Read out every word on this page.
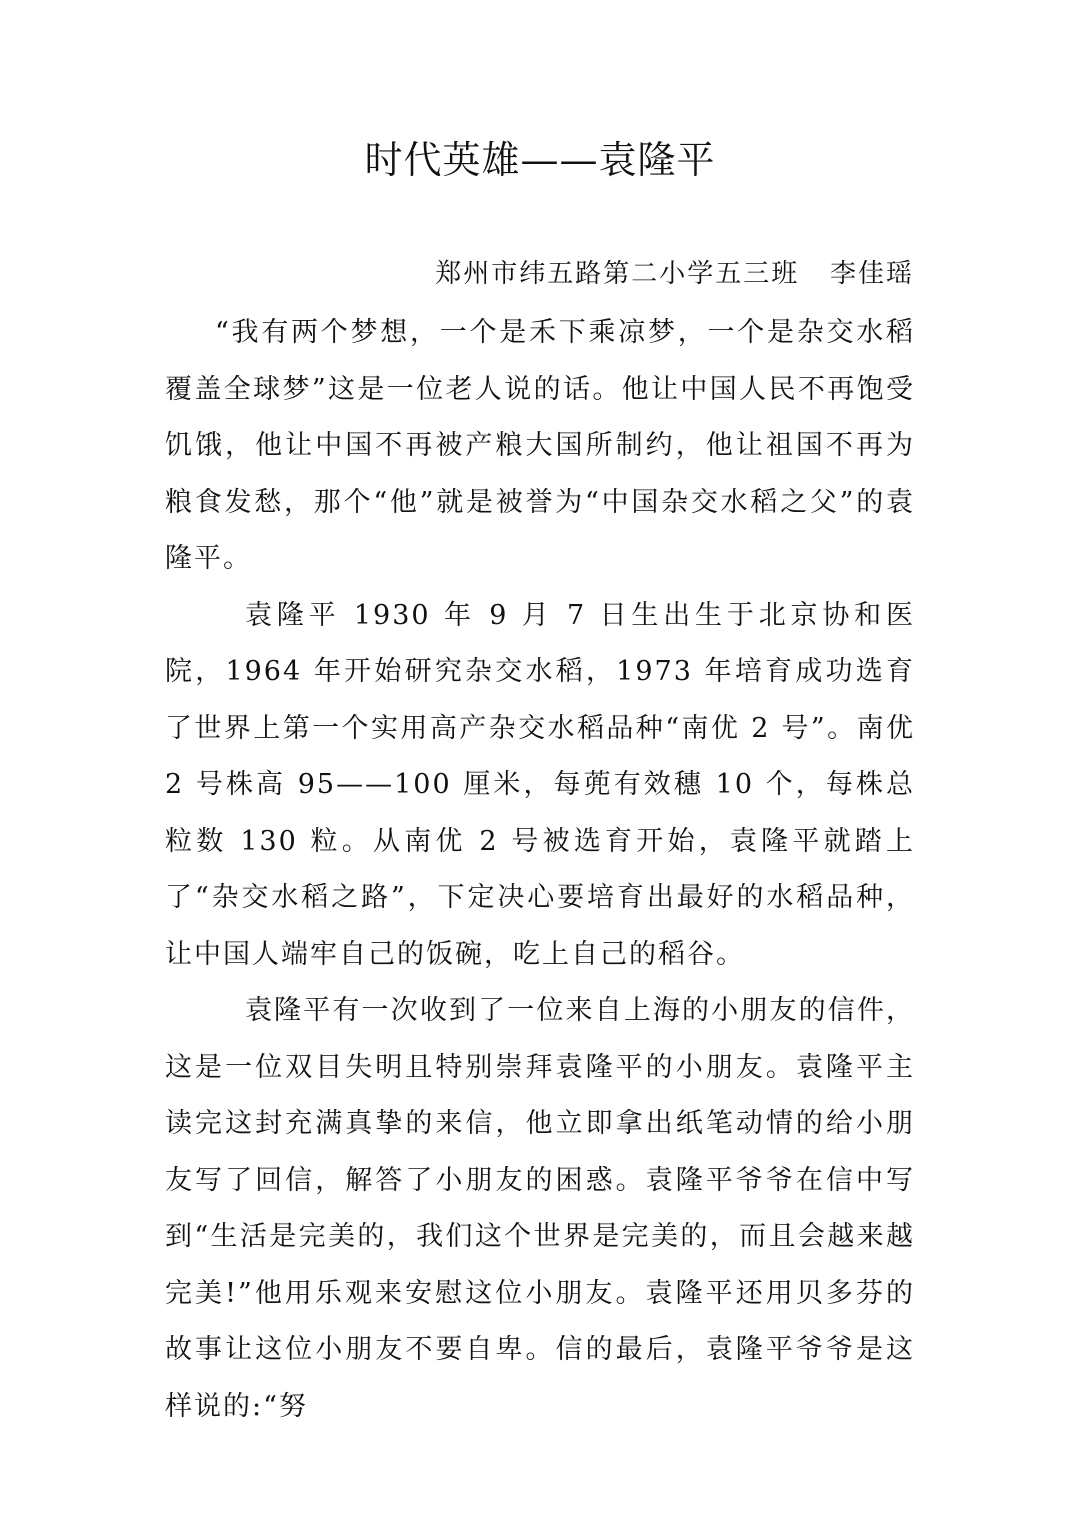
时代英雄——袁隆平
郑州市纬五路第二小学五三班   李佳瑶

“我有两个梦想，一个是禾下乘凉梦，一个是杂交水稻覆盖全球梦”这是一位老人说的话。他让中国人民不再饱受饥饿，他让中国不再被产粮大国所制约，他让祖国不再为粮食发愁，那个“他”就是被誉为“中国杂交水稻之父”的袁隆平。

袁隆平 1930 年 9 月 7 日生出生于北京协和医院，1964 年开始研究杂交水稻，1973 年培育成功选育了世界上第一个实用高产杂交水稻品种“南优 2 号”。南优 2 号株高 95——100 厘米，每蔸有效穗 10 个，每株总粒数 130 粒。从南优 2 号被选育开始，袁隆平就踏上了“杂交水稻之路”，下定决心要培育出最好的水稻品种，让中国人端牢自己的饭碗，吃上自己的稻谷。

袁隆平有一次收到了一位来自上海的小朋友的信件，这是一位双目失明且特别崇拜袁隆平的小朋友。袁隆平主读完这封充满真挚的来信，他立即拿出纸笔动情的给小朋友写了回信，解答了小朋友的困惑。袁隆平爷爷在信中写到“生活是完美的，我们这个世界是完美的，而且会越来越完美!”他用乐观来安慰这位小朋友。袁隆平还用贝多芬的故事让这位小朋友不要自卑。信的最后，袁隆平爷爷是这样说的:“努
